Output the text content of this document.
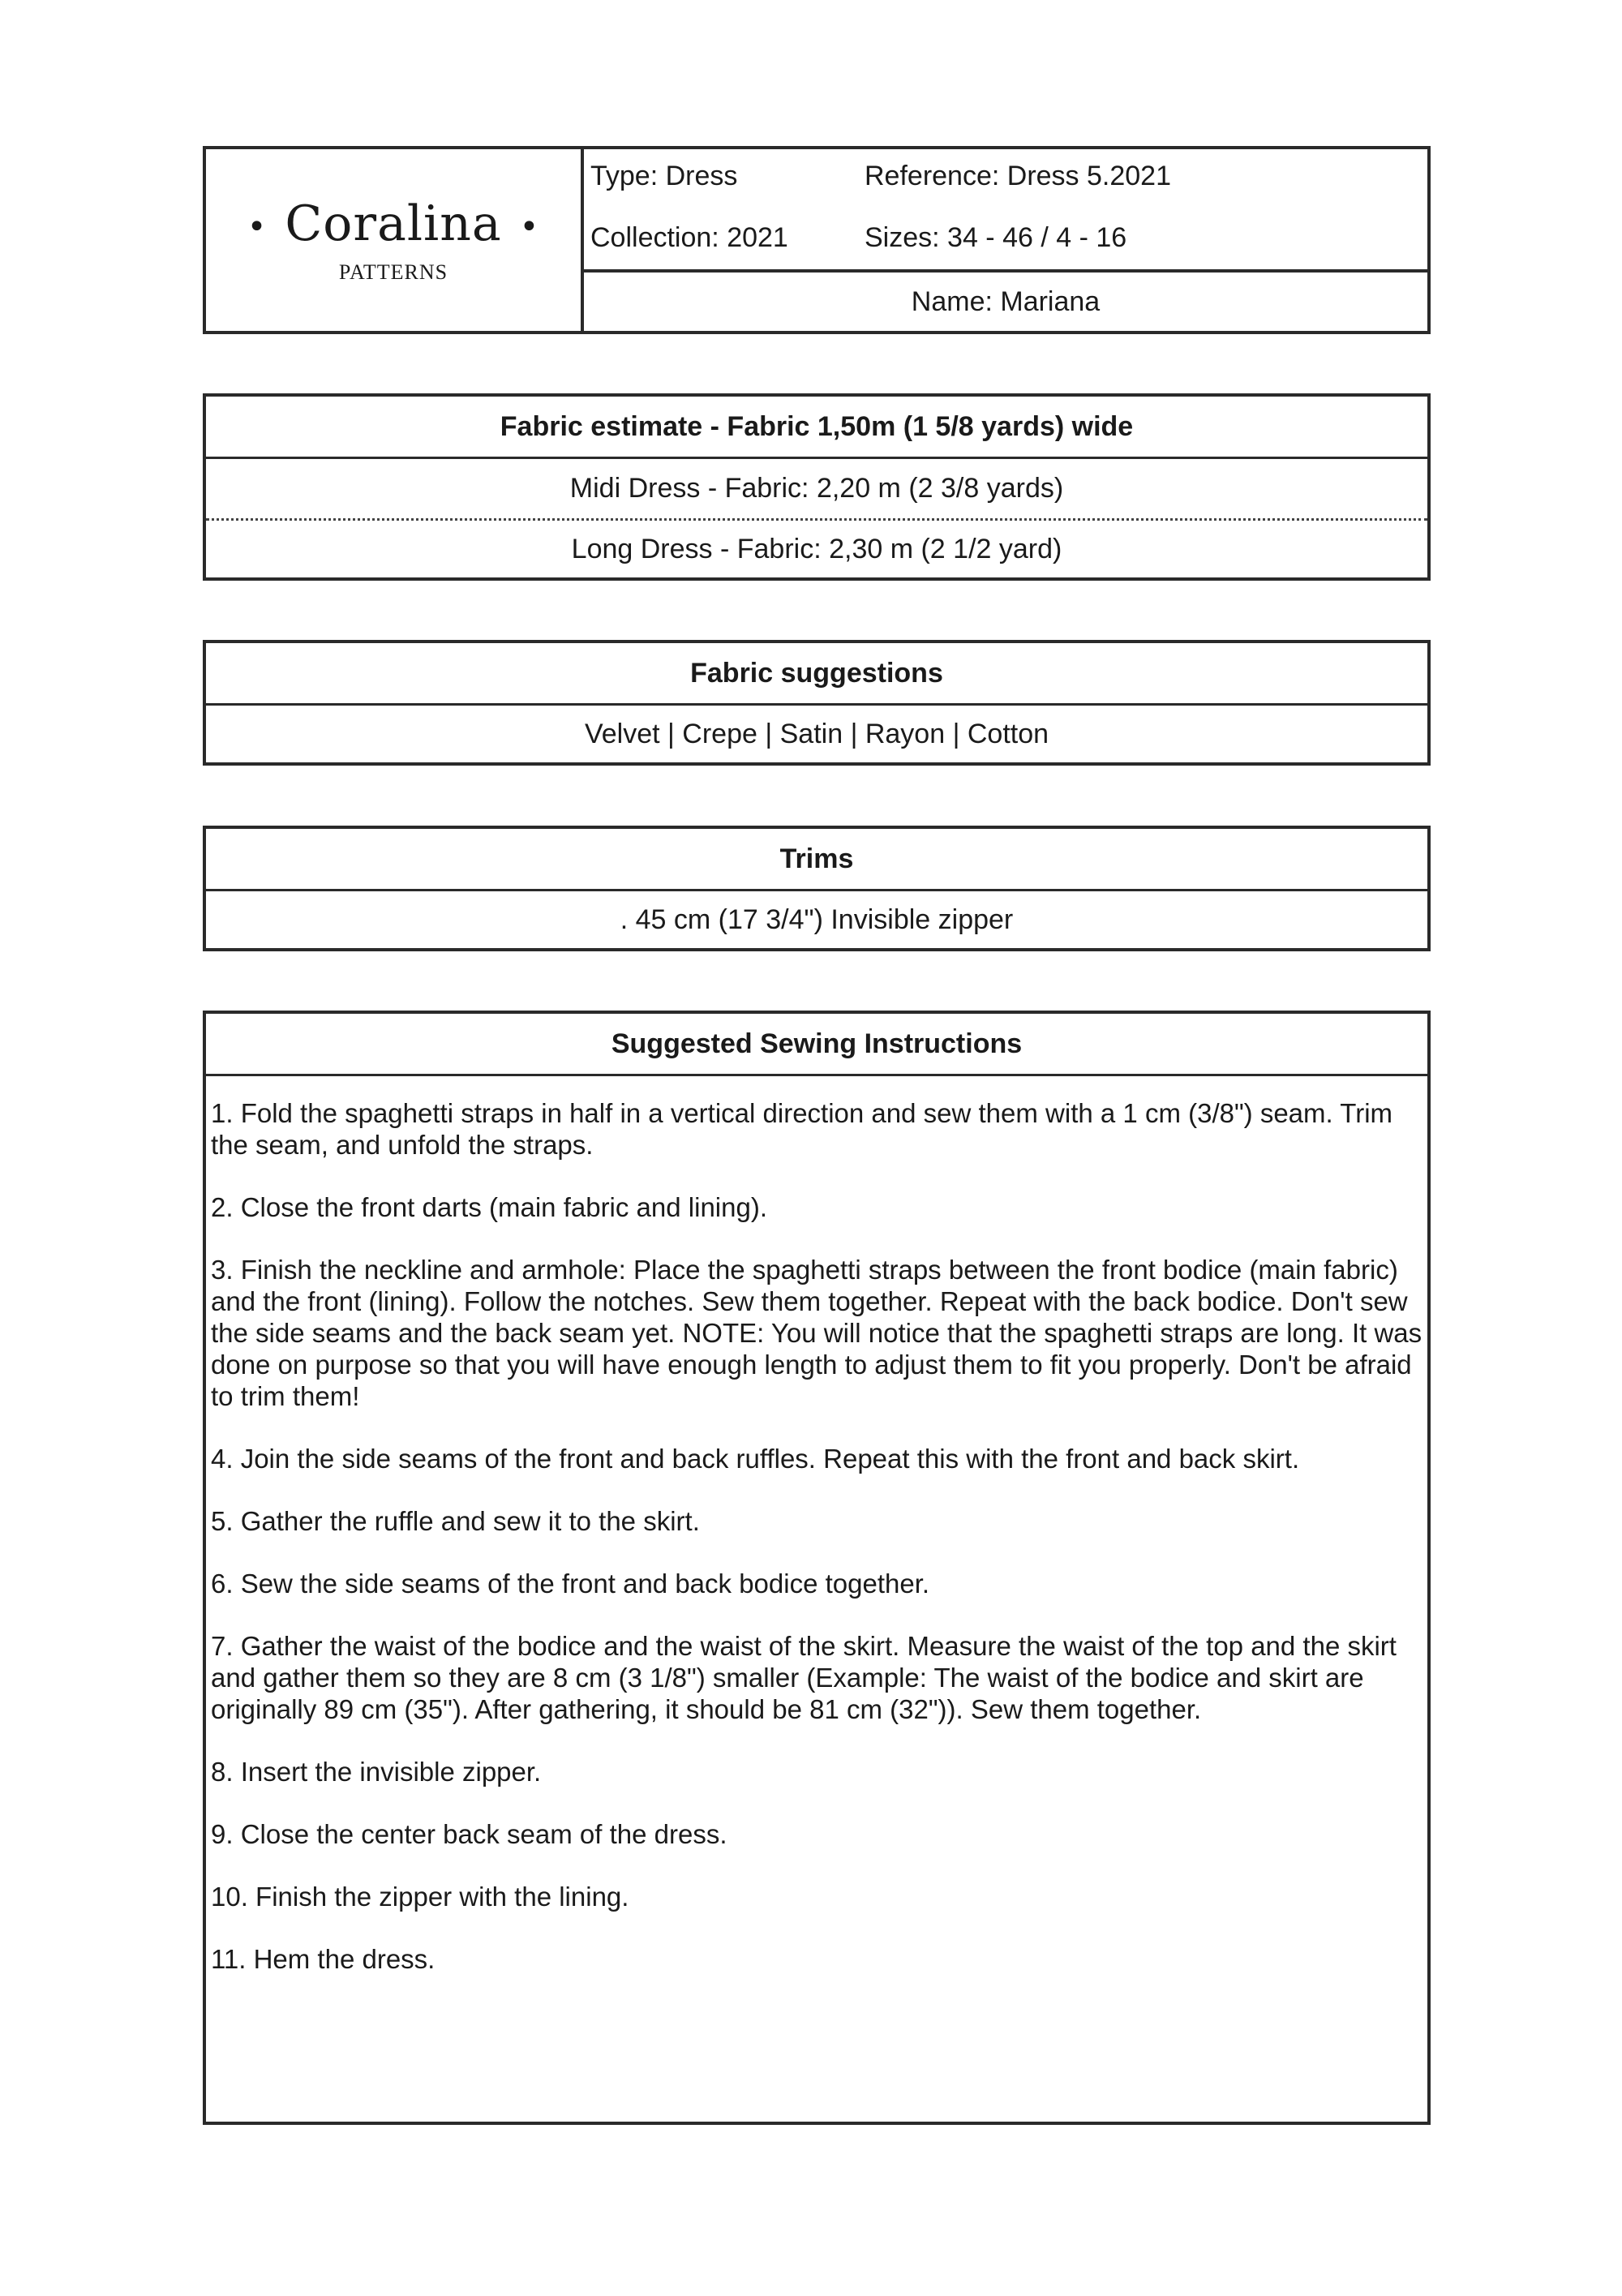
• Coralina •
PATTERNS
Type: Dress	Reference: Dress 5.2021
Collection: 2021	Sizes: 34 - 46 / 4 - 16
Name: Mariana
Fabric estimate - Fabric 1,50m (1 5/8 yards) wide
Midi Dress - Fabric: 2,20 m (2 3/8 yards)
Long Dress - Fabric: 2,30 m (2 1/2 yard)
Fabric suggestions
Velvet | Crepe | Satin | Rayon | Cotton
Trims
. 45 cm (17 3/4") Invisible zipper
Suggested Sewing Instructions

1. Fold the spaghetti straps in half in a vertical direction and sew them with a 1 cm (3/8") seam. Trim the seam, and unfold the straps.

2. Close the front darts (main fabric and lining).

3. Finish the neckline and armhole: Place the spaghetti straps between the front bodice (main fabric) and the front (lining). Follow the notches. Sew them together. Repeat with the back bodice. Don't sew the side seams and the back seam yet. NOTE: You will notice that the spaghetti straps are long. It was done on purpose so that you will have enough length to adjust them to fit you properly. Don't be afraid to trim them!

4. Join the side seams of the front and back ruffles. Repeat this with the front and back skirt.

5. Gather the ruffle and sew it to the skirt.

6. Sew the side seams of the front and back bodice together.

7. Gather the waist of the bodice and the waist of the skirt. Measure the waist of the top and the skirt and gather them so they are 8 cm (3 1/8") smaller (Example: The waist of the bodice and skirt are originally 89 cm (35"). After gathering, it should be 81 cm (32")). Sew them together.

8. Insert the invisible zipper.

9. Close the center back seam of the dress.

10. Finish the zipper with the lining.

11. Hem the dress.
